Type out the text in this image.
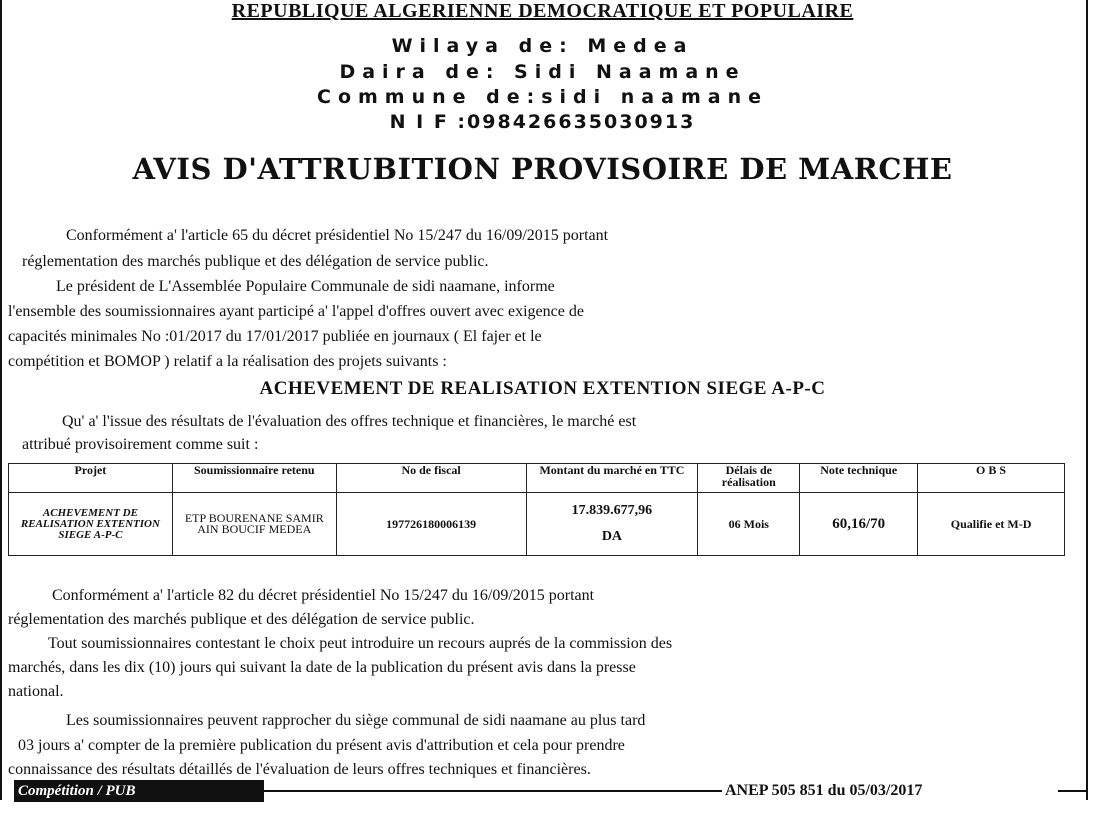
REPUBLIQUE ALGERIENNE DEMOCRATIQUE ET POPULAIRE
Wilaya de: Medea
Daira de: Sidi Naamane
Commune de:sidi naamane
N I F :098426635030913
AVIS D'ATTRUBITION PROVISOIRE DE MARCHE
Conformément a' l'article 65 du décret présidentiel No 15/247 du 16/09/2015 portant
réglementation des marchés publique et des délégation de service public.
Le président de L'Assemblée Populaire Communale de sidi naamane, informe
l'ensemble des soumissionnaires ayant participé a' l'appel d'offres ouvert avec exigence de
capacités minimales No :01/2017 du 17/01/2017 publiée en journaux ( El fajer et le
compétition et BOMOP ) relatif a la réalisation des projets suivants :
ACHEVEMENT DE REALISATION EXTENTION SIEGE A-P-C
Qu' a' l'issue des résultats de l'évaluation des offres technique et financières, le marché est
attribué provisoirement comme suit :
Projet	Soumissionnaire retenu	No de fiscal	Montant du marché en TTC	Délais de réalisation	Note technique	O B S
ACHEVEMENT DE REALISATION EXTENTION SIEGE A-P-C	ETP BOURENANE SAMIR AIN BOUCIF MEDEA	197726180006139	17.839.677,96
DA	06 Mois	60,16/70	Qualifie et M-D
Conformément a' l'article 82 du décret présidentiel No 15/247 du 16/09/2015 portant
réglementation des marchés publique et des délégation de service public.
Tout soumissionnaires contestant le choix peut introduire un recours auprés de la commission des
marchés, dans les dix (10) jours qui suivant la date de la publication du présent avis dans la presse
national.
Les soumissionnaires peuvent rapprocher du siège communal de sidi naamane au plus tard
03 jours a' compter de la première publication du présent avis d'attribution et cela pour prendre
connaissance des résultats détaillés de l'évaluation de leurs offres techniques et financières.
Compétition / PUB	ANEP 505 851 du 05/03/2017
